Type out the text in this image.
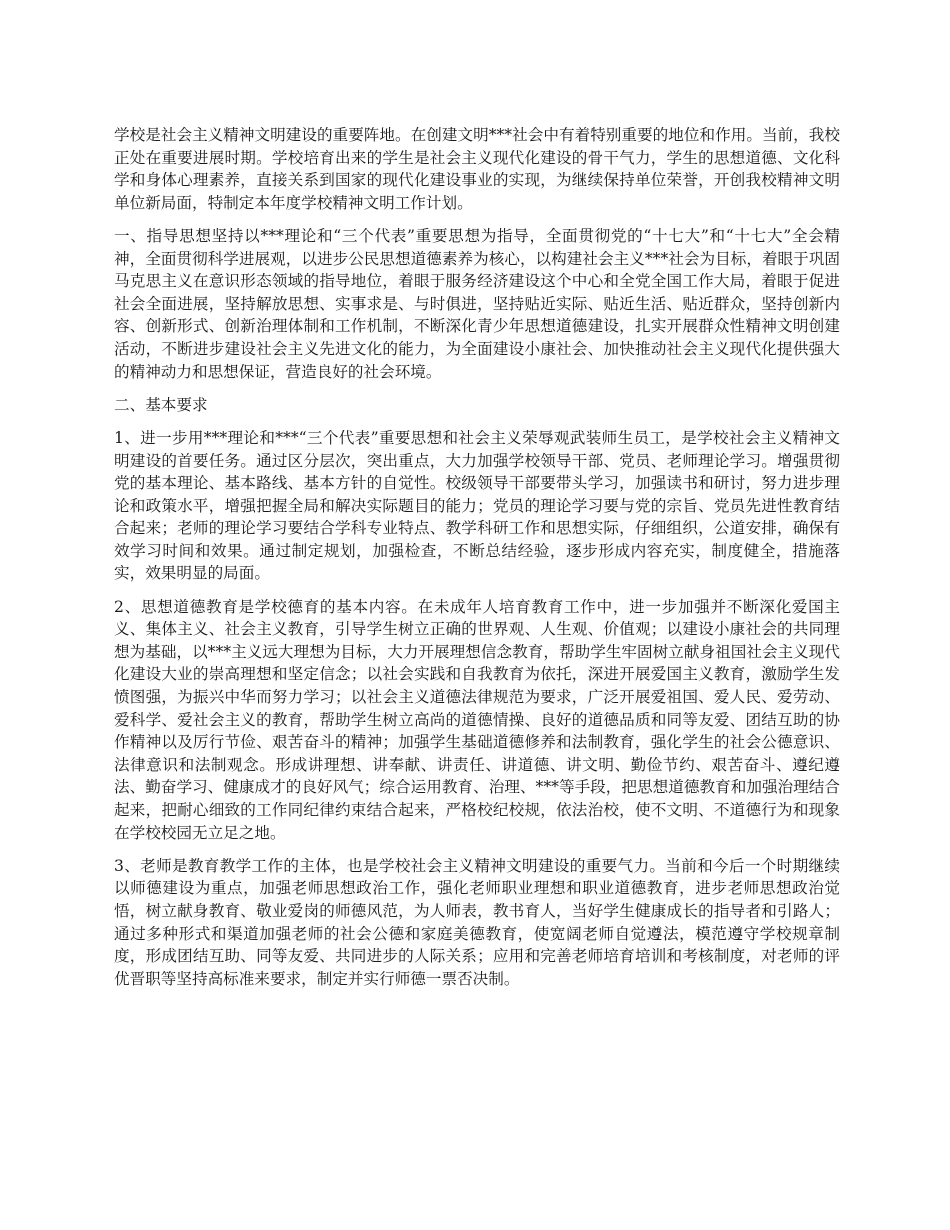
学校是社会主义精神文明建设的重要阵地。在创建文明***社会中有着特别重要的地位和作用。当前，我校正处在重要进展时期。学校培育出来的学生是社会主义现代化建设的骨干气力，学生的思想道德、文化科学和身体心理素养，直接关系到国家的现代化建设事业的实现，为继续保持单位荣誉，开创我校精神文明单位新局面，特制定本年度学校精神文明工作计划。

一、指导思想坚持以***理论和“三个代表”重要思想为指导，全面贯彻党的“十七大”和“十七大”全会精神，全面贯彻科学进展观，以进步公民思想道德素养为核心，以构建社会主义***社会为目标，着眼于巩固马克思主义在意识形态领域的指导地位，着眼于服务经济建设这个中心和全党全国工作大局，着眼于促进社会全面进展，坚持解放思想、实事求是、与时俱进，坚持贴近实际、贴近生活、贴近群众，坚持创新内容、创新形式、创新治理体制和工作机制，不断深化青少年思想道德建设，扎实开展群众性精神文明创建活动，不断进步建设社会主义先进文化的能力，为全面建设小康社会、加快推动社会主义现代化提供强大的精神动力和思想保证，营造良好的社会环境。

二、基本要求

1、进一步用***理论和***“三个代表”重要思想和社会主义荣辱观武装师生员工，是学校社会主义精神文明建设的首要任务。通过区分层次，突出重点，大力加强学校领导干部、党员、老师理论学习。增强贯彻党的基本理论、基本路线、基本方针的自觉性。校级领导干部要带头学习，加强读书和研讨，努力进步理论和政策水平，增强把握全局和解决实际题目的能力；党员的理论学习要与党的宗旨、党员先进性教育结合起来；老师的理论学习要结合学科专业特点、教学科研工作和思想实际，仔细组织，公道安排，确保有效学习时间和效果。通过制定规划，加强检查，不断总结经验，逐步形成内容充实，制度健全，措施落实，效果明显的局面。

2、思想道德教育是学校德育的基本内容。在未成年人培育教育工作中，进一步加强并不断深化爱国主义、集体主义、社会主义教育，引导学生树立正确的世界观、人生观、价值观；以建设小康社会的共同理想为基础，以***主义远大理想为目标，大力开展理想信念教育，帮助学生牢固树立献身祖国社会主义现代化建设大业的崇高理想和坚定信念；以社会实践和自我教育为依托，深进开展爱国主义教育，激励学生发愤图强，为振兴中华而努力学习；以社会主义道德法律规范为要求，广泛开展爱祖国、爱人民、爱劳动、爱科学、爱社会主义的教育，帮助学生树立高尚的道德情操、良好的道德品质和同等友爱、团结互助的协作精神以及厉行节俭、艰苦奋斗的精神；加强学生基础道德修养和法制教育，强化学生的社会公德意识、法律意识和法制观念。形成讲理想、讲奉献、讲责任、讲道德、讲文明、勤俭节约、艰苦奋斗、遵纪遵法、勤奋学习、健康成才的良好风气；综合运用教育、治理、***等手段，把思想道德教育和加强治理结合起来，把耐心细致的工作同纪律约束结合起来，严格校纪校规，依法治校，使不文明、不道德行为和现象在学校校园无立足之地。

3、老师是教育教学工作的主体，也是学校社会主义精神文明建设的重要气力。当前和今后一个时期继续以师德建设为重点，加强老师思想政治工作，强化老师职业理想和职业道德教育，进步老师思想政治觉悟，树立献身教育、敬业爱岗的师德风范，为人师表，教书育人，当好学生健康成长的指导者和引路人；通过多种形式和渠道加强老师的社会公德和家庭美德教育，使宽阔老师自觉遵法，模范遵守学校规章制度，形成团结互助、同等友爱、共同进步的人际关系；应用和完善老师培育培训和考核制度，对老师的评优晋职等坚持高标准来要求，制定并实行师德一票否决制。
